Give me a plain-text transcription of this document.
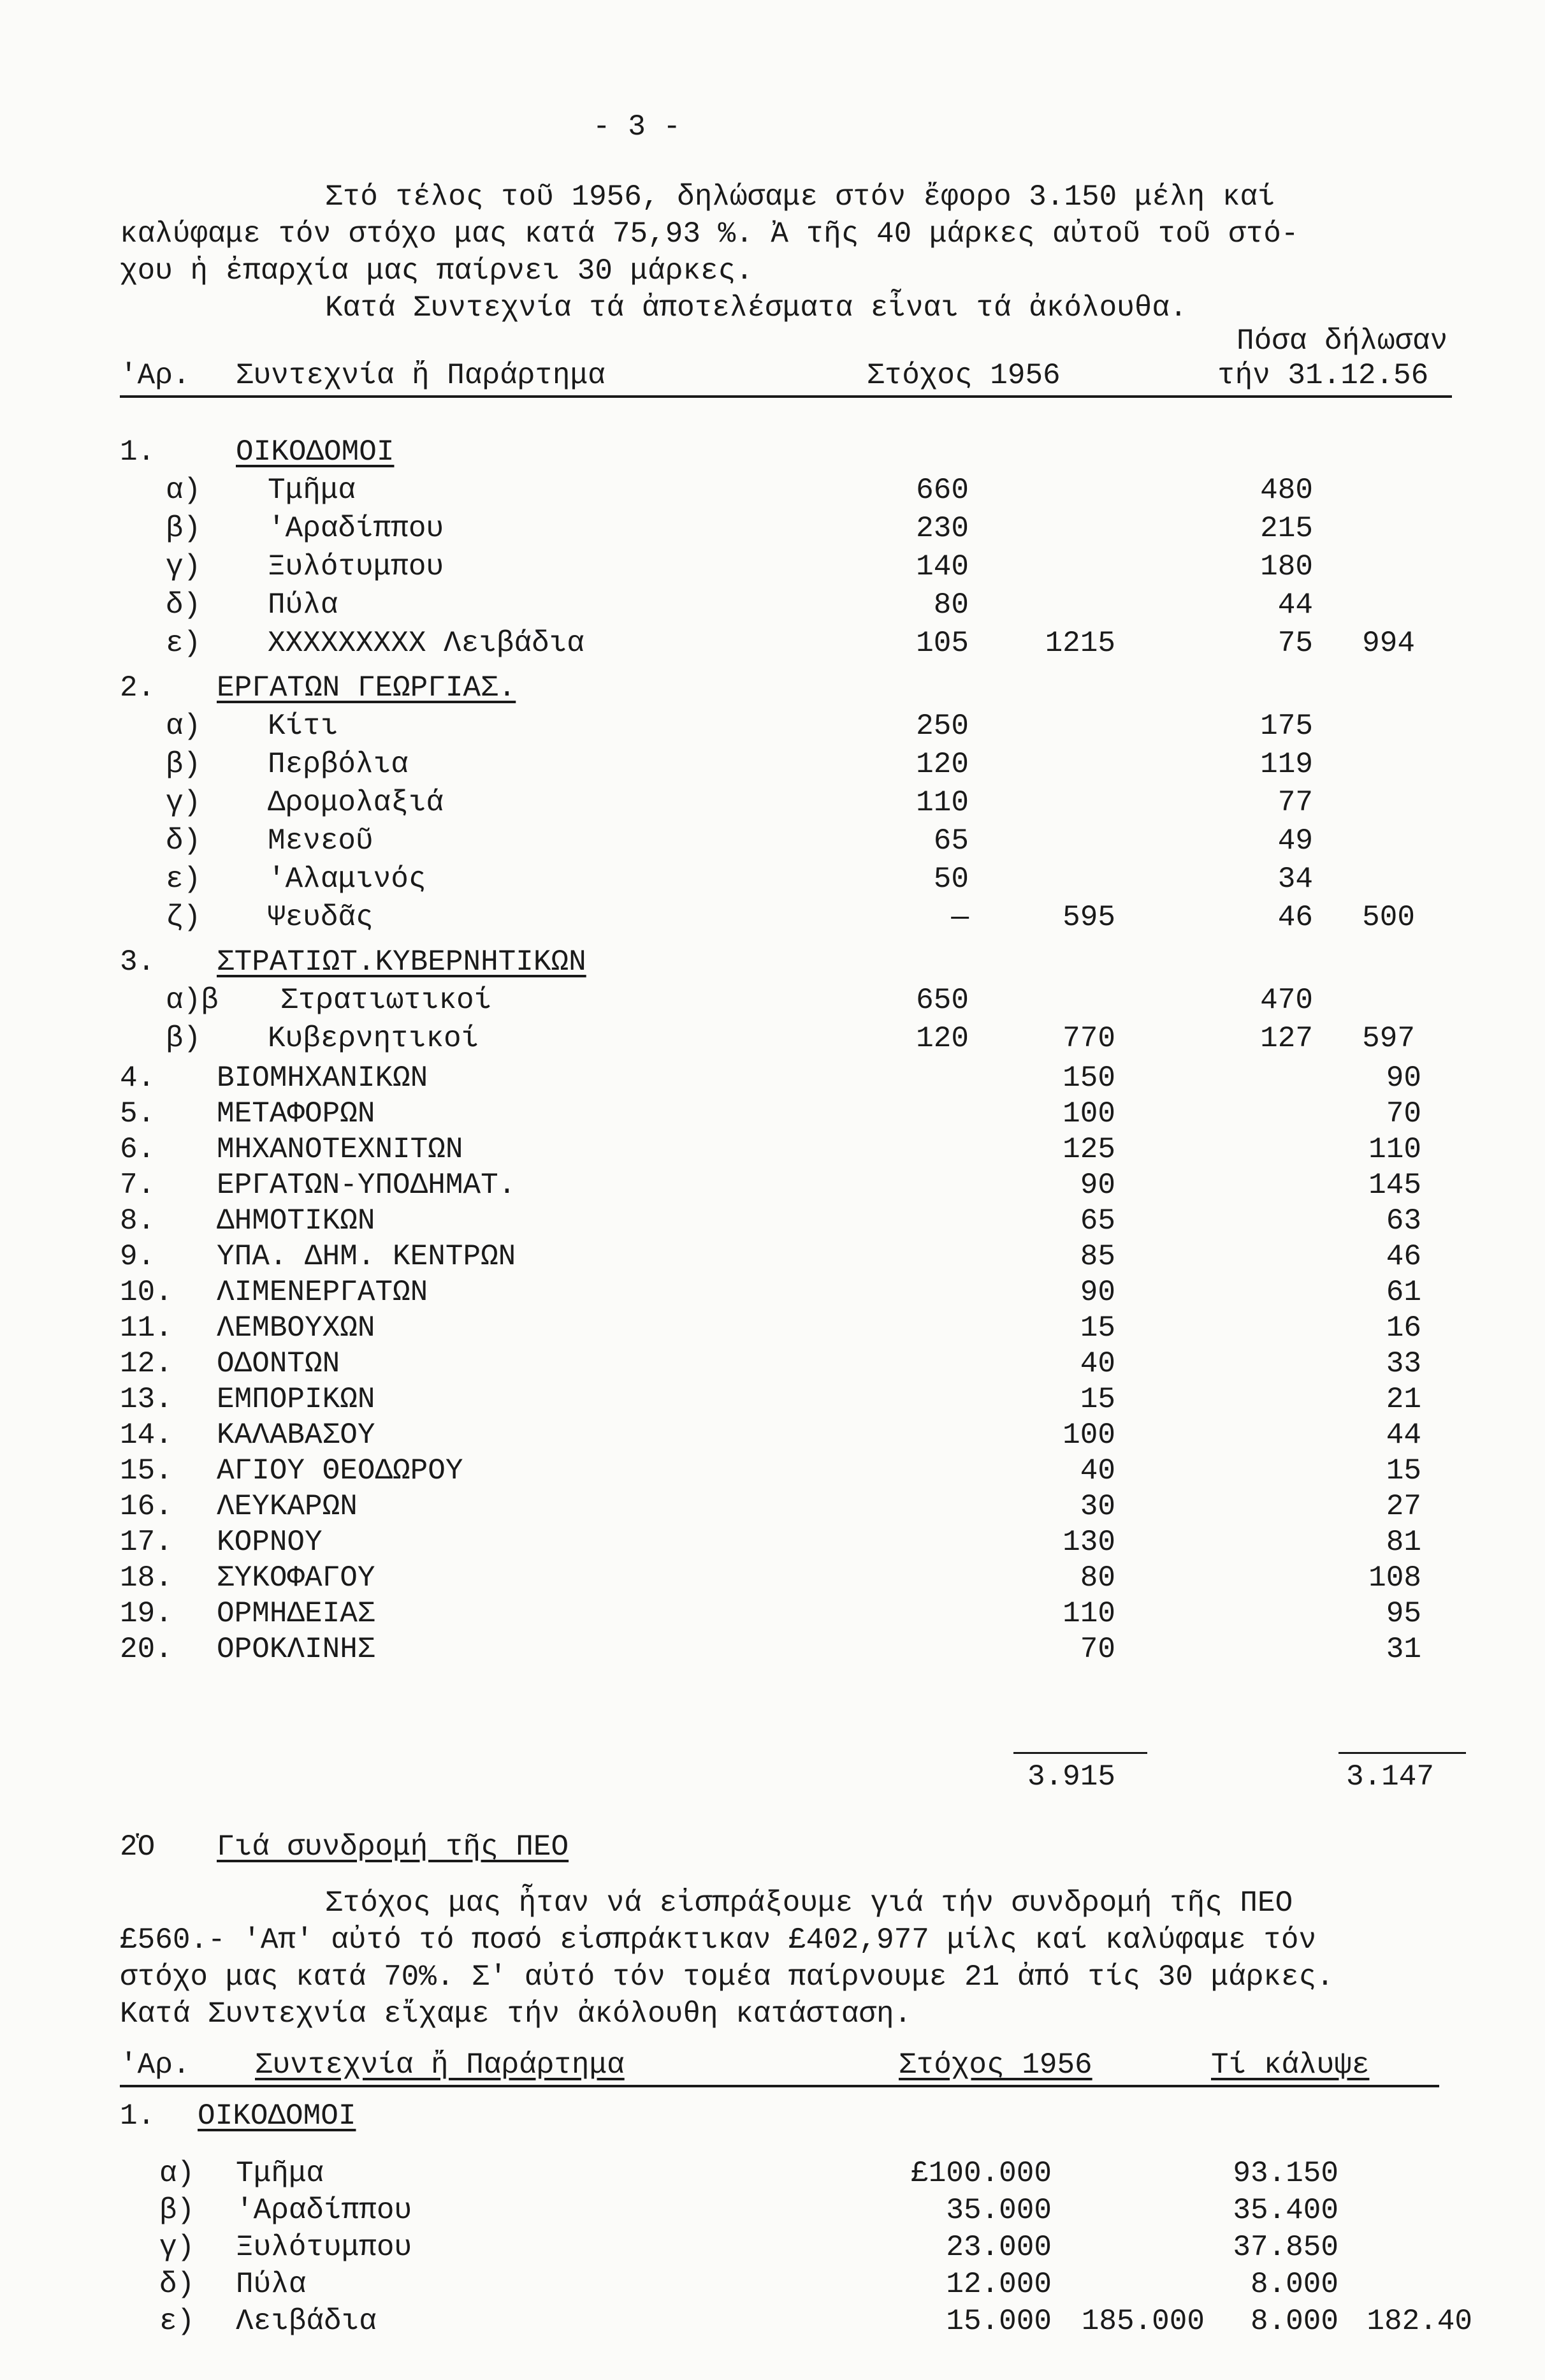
- 3 -
Στό τέλος τοῦ 1956, δηλώσαμε στόν ἔφορο 3.150 μέλη καί
καλύφαμε τόν στόχο μας κατά 75,93 %. Ἀ τῆς 40 μάρκες αὐτοῦ τοῦ στό-
χου ἡ ἐπαρχία μας παίρνει 30 μάρκες.
Κατά Συντεχνία τά ἀποτελέσματα εἶναι τά ἀκόλουθα.
Πόσα δήλωσαν
'Αρ. Συντεχνία ἤ Παράρτημα	Στόχος 1956	τήν 31.12.56
1.	ΟΙΚΟΔΟΜΟΙ
α) Τμῆμα	660	480
β) 'Αραδίππου	230	215
γ) Ξυλότυμπου	140	180
δ) Πύλα	80	44
ε) ΧΧΧΧΧΧΧΧΧ Λειβάδια	105	1215	75	994
2. ΕΡΓΑΤΩΝ ΓΕΩΡΓΙΑΣ.
α) Κίτι	250	175
β) Περβόλια	120	119
γ) Δρομολαξιά	110	77
δ) Μενεοῦ	65	49
ε) 'Αλαμινός	50	34
ζ) Ψευδᾶς	—	595	46	500
3. ΣΤΡΑΤΙΩΤ.ΚΥΒΕΡΝΗΤΙΚΩΝ
α)β Στρατιωτικοί	650	470
β) Κυβερνητικοί	120	770	127	597
4. ΒΙΟΜΗΧΑΝΙΚΩΝ	150	90
5. ΜΕΤΑΦΟΡΩΝ	100	70
6. ΜΗΧΑΝΟΤΕΧΝΙΤΩΝ	125	110
7. ΕΡΓΑΤΩΝ-ΥΠΟΔΗΜΑΤ.	90	145
8. ΔΗΜΟΤΙΚΩΝ	65	63
9. ΥΠΑ. ΔΗΜ. ΚΕΝΤΡΩΝ	85	46
10. ΛΙΜΕΝΕΡΓΑΤΩΝ	90	61
11. ΛΕΜΒΟΥΧΩΝ	15	16
12. ΟΔΟΝΤΩΝ	40	33
13. ΕΜΠΟΡΙΚΩΝ	15	21
14. ΚΑΛΑΒΑΣΟΥ	100	44
15. ΑΓΙΟΥ ΘΕΟΔΩΡΟΥ	40	15
16. ΛΕΥΚΑΡΩΝ	30	27
17. ΚΟΡΝΟΥ	130	81
18. ΣΥΚΟΦΑΓΟΥ	80	108
19. ΟΡΜΗΔΕΙΑΣ	110	95
20. ΟΡΟΚΛΙΝΗΣ	70	31
3.915	3.147
2Ὁ Γιά συνδρομή τῆς ΠΕΟ
Στόχος μας ἦταν νά εἰσπράξουμε γιά τήν συνδρομή τῆς ΠΕΟ
£560.- 'Απ' αὐτό τό ποσό εἰσπράκτικαν £402,977 μίλς καί καλύφαμε τόν
στόχο μας κατά 70%. Σ' αὐτό τόν τομέα παίρνουμε 21 ἀπό τίς 30 μάρκες.
Κατά Συντεχνία εἴχαμε τήν ἀκόλουθη κατάσταση.
'Αρ. Συντεχνία ἤ Παράρτημα	Στόχος 1956	Τί κάλυψε
1. ΟΙΚΟΔΟΜΟΙ
α) Τμῆμα	£100.000	93.150
β) 'Αραδίππου	35.000	35.400
γ) Ξυλότυμπου	23.000	37.850
δ) Πύλα	12.000	8.000
ε) Λειβάδια	15.000	185.000	8.000 182.40
